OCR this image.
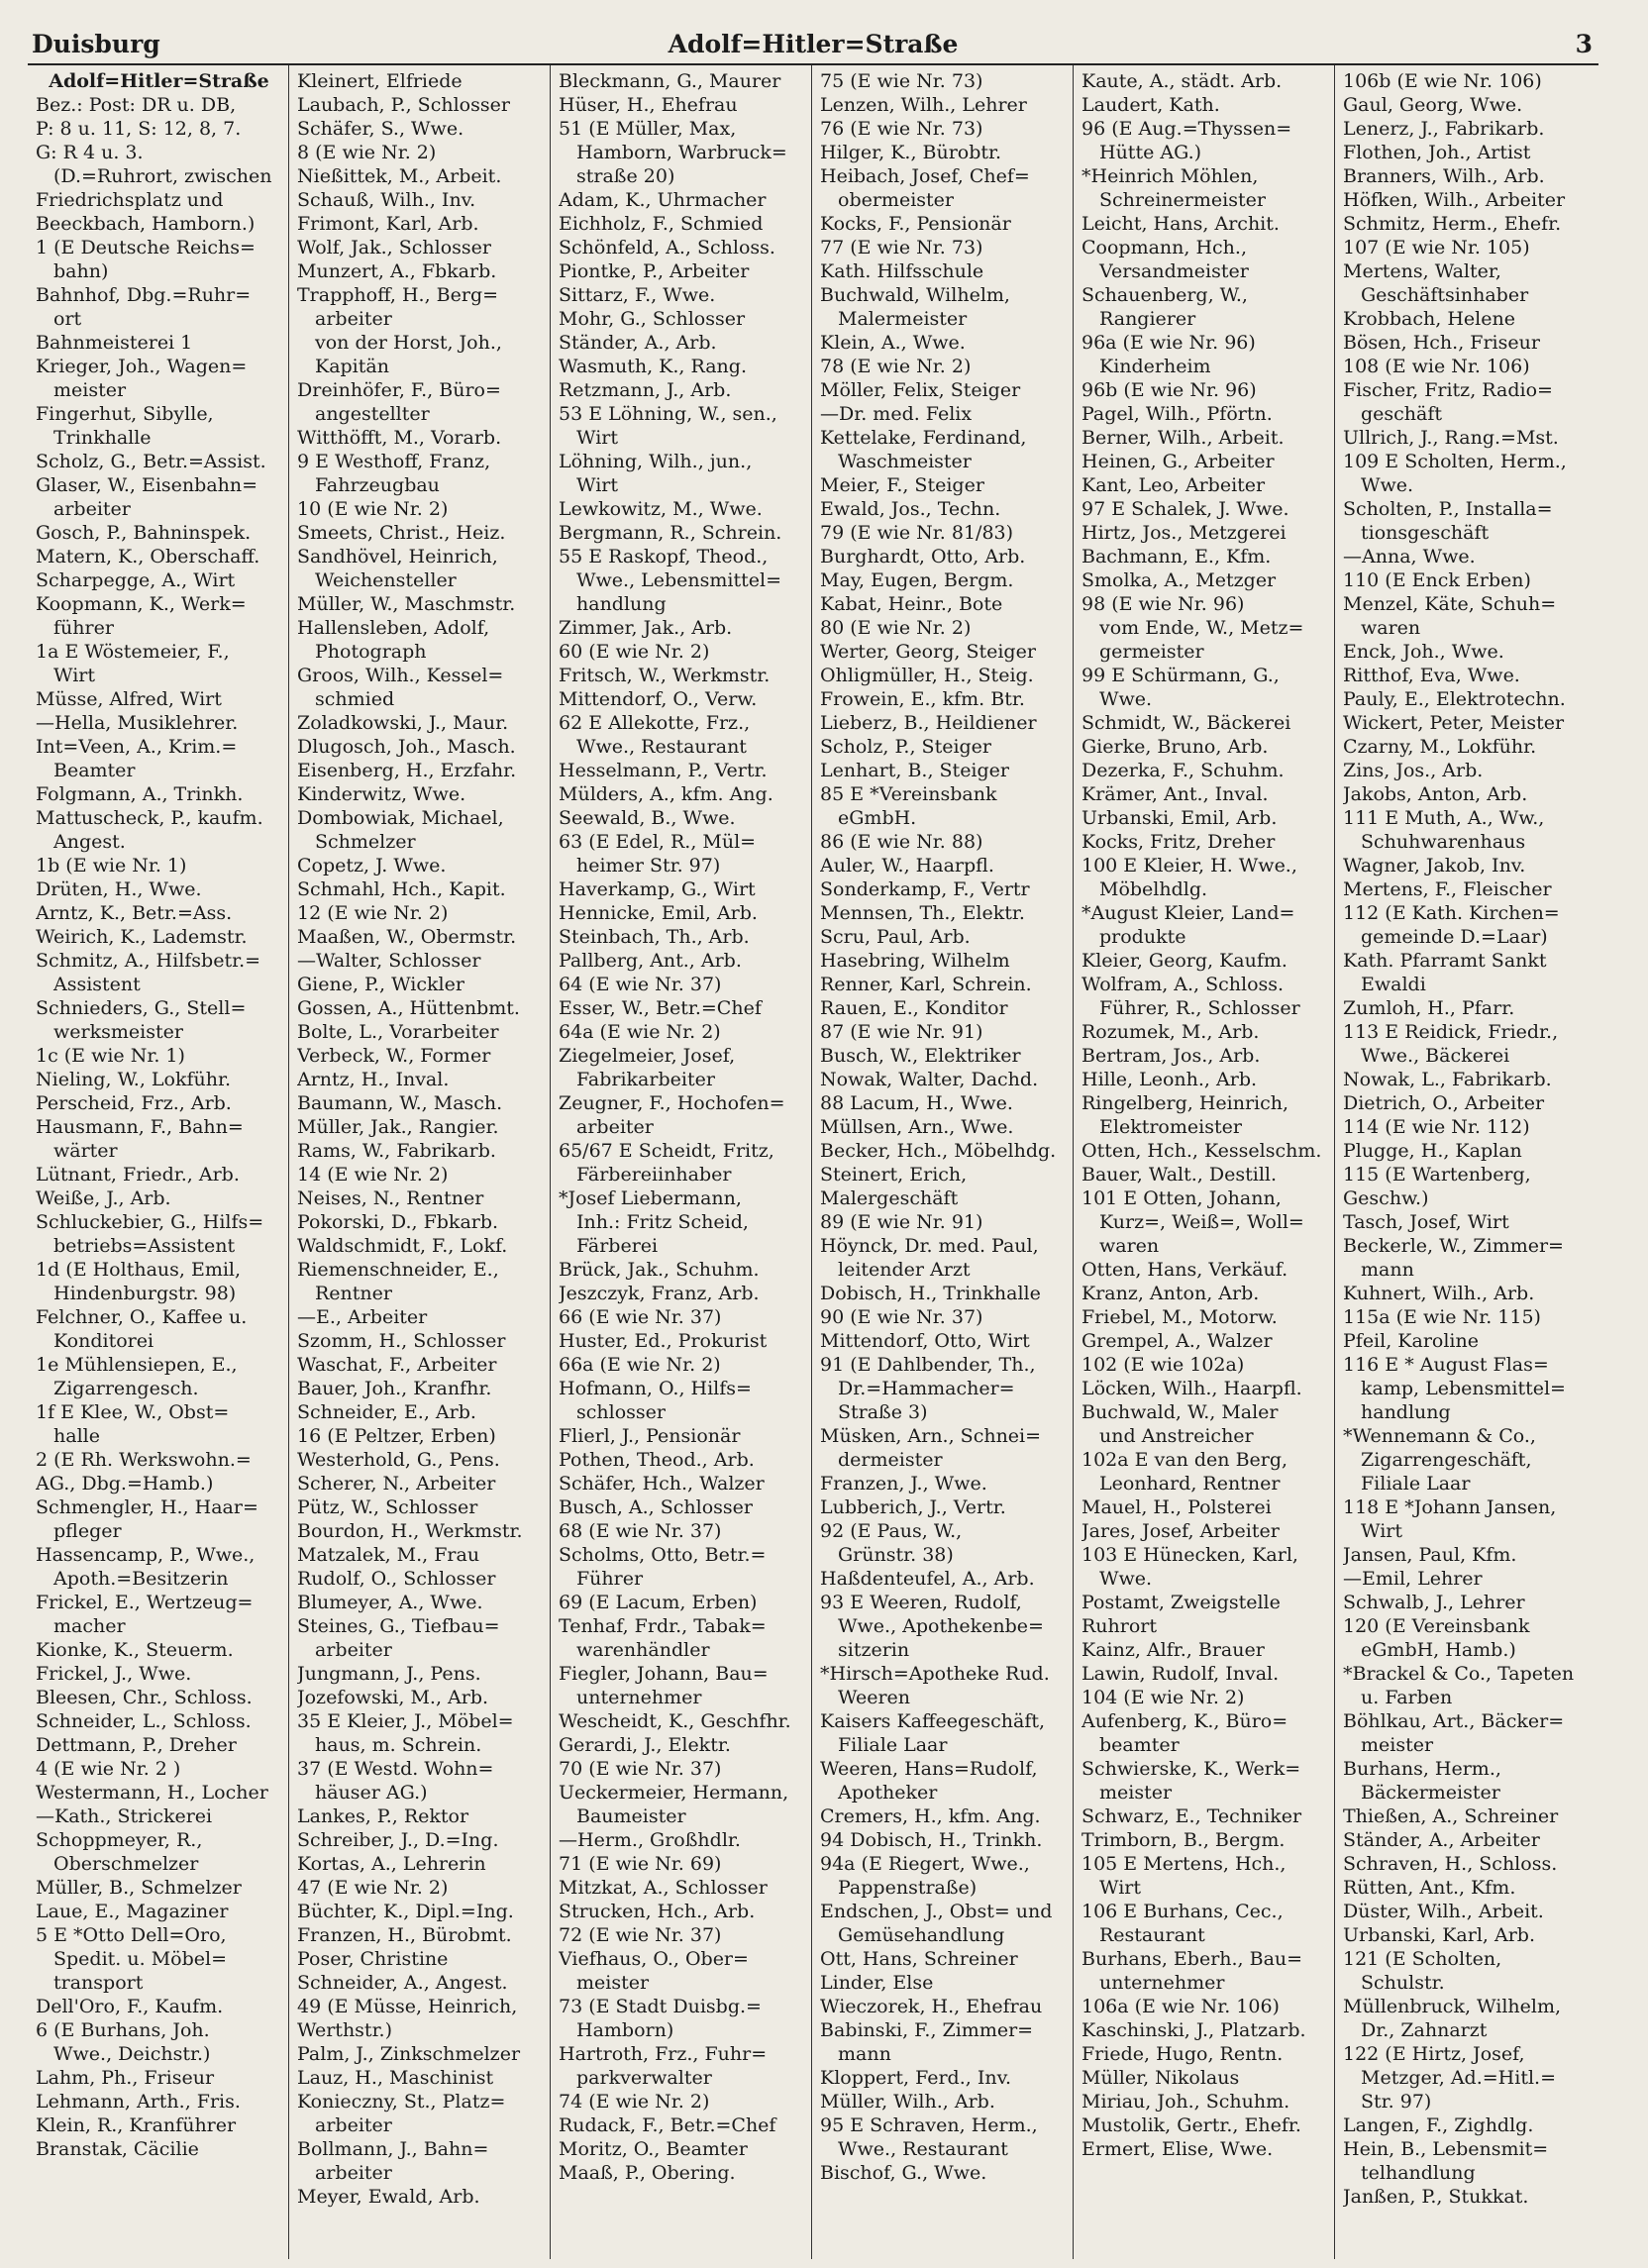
Duisburg	Adolf=Hitler=Straße	3
Adolf=Hitler=Straße
Bez.: Post: DR u. DB,
P: 8 u. 11, S: 12, 8, 7.
G: R 4 u. 3.
(D.=Ruhrort, zwischen
Friedrichsplatz und
Beeckbach, Hamborn.)
1 (E Deutsche Reichs=
bahn)
Bahnhof, Dbg.=Ruhr=
ort
Bahnmeisterei 1
Krieger, Joh., Wagen=
meister
Fingerhut, Sibylle,
Trinkhalle
Scholz, G., Betr.=Assist.
Glaser, W., Eisenbahn=
arbeiter
Gosch, P., Bahninspek.
Matern, K., Oberschaff.
Scharpegge, A., Wirt
Koopmann, K., Werk=
führer
1a E Wöstemeier, F.,
Wirt
Müsse, Alfred, Wirt
—Hella, Musiklehrer.
Int=Veen, A., Krim.=
Beamter
Folgmann, A., Trinkh.
Mattuscheck, P., kaufm.
Angest.
1b (E wie Nr. 1)
Drüten, H., Wwe.
Arntz, K., Betr.=Ass.
Weirich, K., Lademstr.
Schmitz, A., Hilfsbetr.=
Assistent
Schnieders, G., Stell=
werksmeister
1c (E wie Nr. 1)
Nieling, W., Lokführ.
Perscheid, Frz., Arb.
Hausmann, F., Bahn=
wärter
Lütnant, Friedr., Arb.
Weiße, J., Arb.
Schluckebier, G., Hilfs=
betriebs=Assistent
1d (E Holthaus, Emil,
Hindenburgstr. 98)
Felchner, O., Kaffee u.
Konditorei
1e Mühlensiepen, E.,
Zigarrengesch.
1f E Klee, W., Obst=
halle
2 (E Rh. Werkswohn.=
AG., Dbg.=Hamb.)
Schmengler, H., Haar=
pfleger
Hassencamp, P., Wwe.,
Apoth.=Besitzerin
Frickel, E., Wertzeug=
macher
Kionke, K., Steuerm.
Frickel, J., Wwe.
Bleesen, Chr., Schloss.
Schneider, L., Schloss.
Dettmann, P., Dreher
4 (E wie Nr. 2 )
Westermann, H., Locher
—Kath., Strickerei
Schoppmeyer, R.,
Oberschmelzer
Müller, B., Schmelzer
Laue, E., Magaziner
5 E *Otto Dell=Oro,
Spedit. u. Möbel=
transport
Dell'Oro, F., Kaufm.
6 (E Burhans, Joh.
Wwe., Deichstr.)
Lahm, Ph., Friseur
Lehmann, Arth., Fris.
Klein, R., Kranführer
Branstak, Cäcilie
Kleinert, Elfriede
Laubach, P., Schlosser
Schäfer, S., Wwe.
8 (E wie Nr. 2)
Nießittek, M., Arbeit.
Schauß, Wilh., Inv.
Frimont, Karl, Arb.
Wolf, Jak., Schlosser
Munzert, A., Fbkarb.
Trapphoff, H., Berg=
arbeiter
von der Horst, Joh.,
Kapitän
Dreinhöfer, F., Büro=
angestellter
Witthöfft, M., Vorarb.
9 E Westhoff, Franz,
Fahrzeugbau
10 (E wie Nr. 2)
Smeets, Christ., Heiz.
Sandhövel, Heinrich,
Weichensteller
Müller, W., Maschmstr.
Hallensleben, Adolf,
Photograph
Groos, Wilh., Kessel=
schmied
Zoladkowski, J., Maur.
Dlugosch, Joh., Masch.
Eisenberg, H., Erzfahr.
Kinderwitz, Wwe.
Dombowiak, Michael,
Schmelzer
Copetz, J. Wwe.
Schmahl, Hch., Kapit.
12 (E wie Nr. 2)
Maaßen, W., Obermstr.
—Walter, Schlosser
Giene, P., Wickler
Gossen, A., Hüttenbmt.
Bolte, L., Vorarbeiter
Verbeck, W., Former
Arntz, H., Inval.
Baumann, W., Masch.
Müller, Jak., Rangier.
Rams, W., Fabrikarb.
14 (E wie Nr. 2)
Neises, N., Rentner
Pokorski, D., Fbkarb.
Waldschmidt, F., Lokf.
Riemenschneider, E.,
Rentner
—E., Arbeiter
Szomm, H., Schlosser
Waschat, F., Arbeiter
Bauer, Joh., Kranfhr.
Schneider, E., Arb.
16 (E Peltzer, Erben)
Westerhold, G., Pens.
Scherer, N., Arbeiter
Pütz, W., Schlosser
Bourdon, H., Werkmstr.
Matzalek, M., Frau
Rudolf, O., Schlosser
Blumeyer, A., Wwe.
Steines, G., Tiefbau=
arbeiter
Jungmann, J., Pens.
Jozefowski, M., Arb.
35 E Kleier, J., Möbel=
haus, m. Schrein.
37 (E Westd. Wohn=
häuser AG.)
Lankes, P., Rektor
Schreiber, J., D.=Ing.
Kortas, A., Lehrerin
47 (E wie Nr. 2)
Büchter, K., Dipl.=Ing.
Franzen, H., Bürobmt.
Poser, Christine
Schneider, A., Angest.
49 (E Müsse, Heinrich,
Werthstr.)
Palm, J., Zinkschmelzer
Lauz, H., Maschinist
Konieczny, St., Platz=
arbeiter
Bollmann, J., Bahn=
arbeiter
Meyer, Ewald, Arb.
Bleckmann, G., Maurer
Hüser, H., Ehefrau
51 (E Müller, Max,
Hamborn, Warbruck=
straße 20)
Adam, K., Uhrmacher
Eichholz, F., Schmied
Schönfeld, A., Schloss.
Piontke, P., Arbeiter
Sittarz, F., Wwe.
Mohr, G., Schlosser
Ständer, A., Arb.
Wasmuth, K., Rang.
Retzmann, J., Arb.
53 E Löhning, W., sen.,
Wirt
Löhning, Wilh., jun.,
Wirt
Lewkowitz, M., Wwe.
Bergmann, R., Schrein.
55 E Raskopf, Theod.,
Wwe., Lebensmittel=
handlung
Zimmer, Jak., Arb.
60 (E wie Nr. 2)
Fritsch, W., Werkmstr.
Mittendorf, O., Verw.
62 E Allekotte, Frz.,
Wwe., Restaurant
Hesselmann, P., Vertr.
Mülders, A., kfm. Ang.
Seewald, B., Wwe.
63 (E Edel, R., Mül=
heimer Str. 97)
Haverkamp, G., Wirt
Hennicke, Emil, Arb.
Steinbach, Th., Arb.
Pallberg, Ant., Arb.
64 (E wie Nr. 37)
Esser, W., Betr.=Chef
64a (E wie Nr. 2)
Ziegelmeier, Josef,
Fabrikarbeiter
Zeugner, F., Hochofen=
arbeiter
65/67 E Scheidt, Fritz,
Färbereiinhaber
*Josef Liebermann,
Inh.: Fritz Scheid,
Färberei
Brück, Jak., Schuhm.
Jeszczyk, Franz, Arb.
66 (E wie Nr. 37)
Huster, Ed., Prokurist
66a (E wie Nr. 2)
Hofmann, O., Hilfs=
schlosser
Flierl, J., Pensionär
Pothen, Theod., Arb.
Schäfer, Hch., Walzer
Busch, A., Schlosser
68 (E wie Nr. 37)
Scholms, Otto, Betr.=
Führer
69 (E Lacum, Erben)
Tenhaf, Frdr., Tabak=
warenhändler
Fiegler, Johann, Bau=
unternehmer
Wescheidt, K., Geschfhr.
Gerardi, J., Elektr.
70 (E wie Nr. 37)
Ueckermeier, Hermann,
Baumeister
—Herm., Großhdlr.
71 (E wie Nr. 69)
Mitzkat, A., Schlosser
Strucken, Hch., Arb.
72 (E wie Nr. 37)
Viefhaus, O., Ober=
meister
73 (E Stadt Duisbg.=
Hamborn)
Hartroth, Frz., Fuhr=
parkverwalter
74 (E wie Nr. 2)
Rudack, F., Betr.=Chef
Moritz, O., Beamter
Maaß, P., Obering.
75 (E wie Nr. 73)
Lenzen, Wilh., Lehrer
76 (E wie Nr. 73)
Hilger, K., Bürobtr.
Heibach, Josef, Chef=
obermeister
Kocks, F., Pensionär
77 (E wie Nr. 73)
Kath. Hilfsschule
Buchwald, Wilhelm,
Malermeister
Klein, A., Wwe.
78 (E wie Nr. 2)
Möller, Felix, Steiger
—Dr. med. Felix
Kettelake, Ferdinand,
Waschmeister
Meier, F., Steiger
Ewald, Jos., Techn.
79 (E wie Nr. 81/83)
Burghardt, Otto, Arb.
May, Eugen, Bergm.
Kabat, Heinr., Bote
80 (E wie Nr. 2)
Werter, Georg, Steiger
Ohligmüller, H., Steig.
Frowein, E., kfm. Btr.
Lieberz, B., Heildiener
Scholz, P., Steiger
Lenhart, B., Steiger
85 E *Vereinsbank
eGmbH.
86 (E wie Nr. 88)
Auler, W., Haarpfl.
Sonderkamp, F., Vertr
Mennsen, Th., Elektr.
Scru, Paul, Arb.
Hasebring, Wilhelm
Renner, Karl, Schrein.
Rauen, E., Konditor
87 (E wie Nr. 91)
Busch, W., Elektriker
Nowak, Walter, Dachd.
88 Lacum, H., Wwe.
Müllsen, Arn., Wwe.
Becker, Hch., Möbelhdg.
Steinert, Erich,
Malergeschäft
89 (E wie Nr. 91)
Höynck, Dr. med. Paul,
leitender Arzt
Dobisch, H., Trinkhalle
90 (E wie Nr. 37)
Mittendorf, Otto, Wirt
91 (E Dahlbender, Th.,
Dr.=Hammacher=
Straße 3)
Müsken, Arn., Schnei=
dermeister
Franzen, J., Wwe.
Lubberich, J., Vertr.
92 (E Paus, W.,
Grünstr. 38)
Haßdenteufel, A., Arb.
93 E Weeren, Rudolf,
Wwe., Apothekenbe=
sitzerin
*Hirsch=Apotheke Rud.
Weeren
Kaisers Kaffeegeschäft,
Filiale Laar
Weeren, Hans=Rudolf,
Apotheker
Cremers, H., kfm. Ang.
94 Dobisch, H., Trinkh.
94a (E Riegert, Wwe.,
Pappenstraße)
Endschen, J., Obst= und
Gemüsehandlung
Ott, Hans, Schreiner
Linder, Else
Wieczorek, H., Ehefrau
Babinski, F., Zimmer=
mann
Kloppert, Ferd., Inv.
Müller, Wilh., Arb.
95 E Schraven, Herm.,
Wwe., Restaurant
Bischof, G., Wwe.
Kaute, A., städt. Arb.
Laudert, Kath.
96 (E Aug.=Thyssen=
Hütte AG.)
*Heinrich Möhlen,
Schreinermeister
Leicht, Hans, Archit.
Coopmann, Hch.,
Versandmeister
Schauenberg, W.,
Rangierer
96a (E wie Nr. 96)
Kinderheim
96b (E wie Nr. 96)
Pagel, Wilh., Pförtn.
Berner, Wilh., Arbeit.
Heinen, G., Arbeiter
Kant, Leo, Arbeiter
97 E Schalek, J. Wwe.
Hirtz, Jos., Metzgerei
Bachmann, E., Kfm.
Smolka, A., Metzger
98 (E wie Nr. 96)
vom Ende, W., Metz=
germeister
99 E Schürmann, G.,
Wwe.
Schmidt, W., Bäckerei
Gierke, Bruno, Arb.
Dezerka, F., Schuhm.
Krämer, Ant., Inval.
Urbanski, Emil, Arb.
Kocks, Fritz, Dreher
100 E Kleier, H. Wwe.,
Möbelhdlg.
*August Kleier, Land=
produkte
Kleier, Georg, Kaufm.
Wolfram, A., Schloss.
Führer, R., Schlosser
Rozumek, M., Arb.
Bertram, Jos., Arb.
Hille, Leonh., Arb.
Ringelberg, Heinrich,
Elektromeister
Otten, Hch., Kesselschm.
Bauer, Walt., Destill.
101 E Otten, Johann,
Kurz=, Weiß=, Woll=
waren
Otten, Hans, Verkäuf.
Kranz, Anton, Arb.
Friebel, M., Motorw.
Grempel, A., Walzer
102 (E wie 102a)
Löcken, Wilh., Haarpfl.
Buchwald, W., Maler
und Anstreicher
102a E van den Berg,
Leonhard, Rentner
Mauel, H., Polsterei
Jares, Josef, Arbeiter
103 E Hünecken, Karl,
Wwe.
Postamt, Zweigstelle
Ruhrort
Kainz, Alfr., Brauer
Lawin, Rudolf, Inval.
104 (E wie Nr. 2)
Aufenberg, K., Büro=
beamter
Schwierske, K., Werk=
meister
Schwarz, E., Techniker
Trimborn, B., Bergm.
105 E Mertens, Hch.,
Wirt
106 E Burhans, Cec.,
Restaurant
Burhans, Eberh., Bau=
unternehmer
106a (E wie Nr. 106)
Kaschinski, J., Platzarb.
Friede, Hugo, Rentn.
Müller, Nikolaus
Miriau, Joh., Schuhm.
Mustolik, Gertr., Ehefr.
Ermert, Elise, Wwe.
106b (E wie Nr. 106)
Gaul, Georg, Wwe.
Lenerz, J., Fabrikarb.
Flothen, Joh., Artist
Branners, Wilh., Arb.
Höfken, Wilh., Arbeiter
Schmitz, Herm., Ehefr.
107 (E wie Nr. 105)
Mertens, Walter,
Geschäftsinhaber
Krobbach, Helene
Bösen, Hch., Friseur
108 (E wie Nr. 106)
Fischer, Fritz, Radio=
geschäft
Ullrich, J., Rang.=Mst.
109 E Scholten, Herm.,
Wwe.
Scholten, P., Installa=
tionsgeschäft
—Anna, Wwe.
110 (E Enck Erben)
Menzel, Käte, Schuh=
waren
Enck, Joh., Wwe.
Ritthof, Eva, Wwe.
Pauly, E., Elektrotechn.
Wickert, Peter, Meister
Czarny, M., Lokführ.
Zins, Jos., Arb.
Jakobs, Anton, Arb.
111 E Muth, A., Ww.,
Schuhwarenhaus
Wagner, Jakob, Inv.
Mertens, F., Fleischer
112 (E Kath. Kirchen=
gemeinde D.=Laar)
Kath. Pfarramt Sankt
Ewaldi
Zumloh, H., Pfarr.
113 E Reidick, Friedr.,
Wwe., Bäckerei
Nowak, L., Fabrikarb.
Dietrich, O., Arbeiter
114 (E wie Nr. 112)
Plugge, H., Kaplan
115 (E Wartenberg,
Geschw.)
Tasch, Josef, Wirt
Beckerle, W., Zimmer=
mann
Kuhnert, Wilh., Arb.
115a (E wie Nr. 115)
Pfeil, Karoline
116 E * August Flas=
kamp, Lebensmittel=
handlung
*Wennemann & Co.,
Zigarrengeschäft,
Filiale Laar
118 E *Johann Jansen,
Wirt
Jansen, Paul, Kfm.
—Emil, Lehrer
Schwalb, J., Lehrer
120 (E Vereinsbank
eGmbH, Hamb.)
*Brackel & Co., Tapeten
u. Farben
Böhlkau, Art., Bäcker=
meister
Burhans, Herm.,
Bäckermeister
Thießen, A., Schreiner
Ständer, A., Arbeiter
Schraven, H., Schloss.
Rütten, Ant., Kfm.
Düster, Wilh., Arbeit.
Urbanski, Karl, Arb.
121 (E Scholten,
Schulstr.
Müllenbruck, Wilhelm,
Dr., Zahnarzt
122 (E Hirtz, Josef,
Metzger, Ad.=Hitl.=
Str. 97)
Langen, F., Zighdlg.
Hein, B., Lebensmit=
telhandlung
Janßen, P., Stukkat.
